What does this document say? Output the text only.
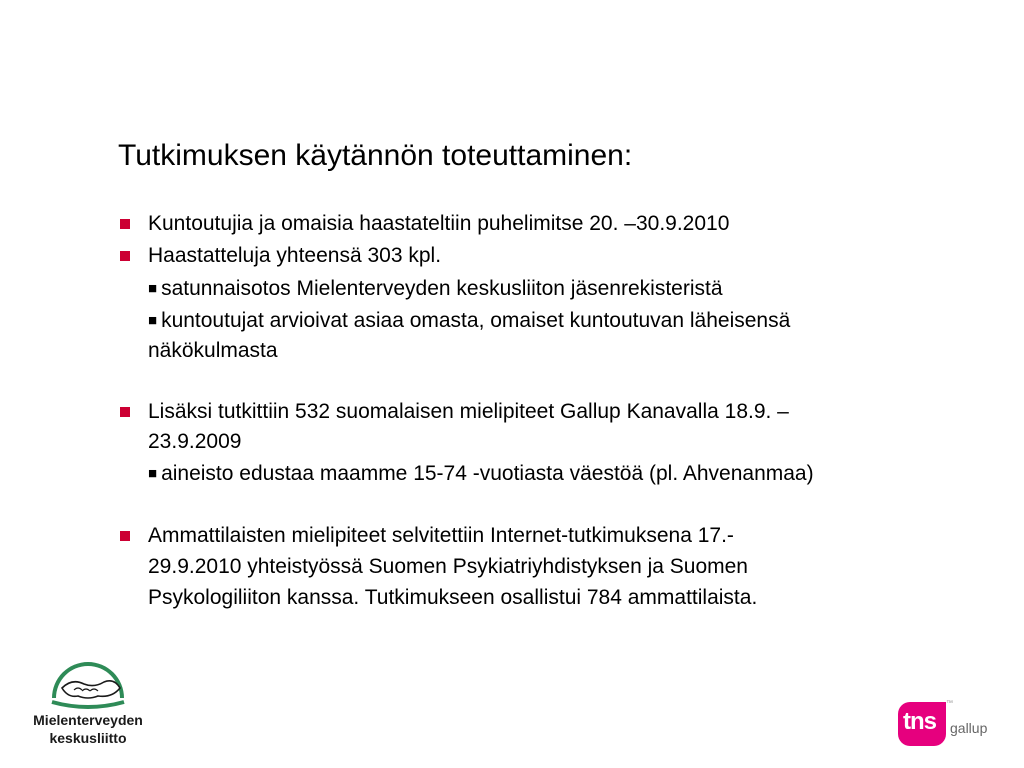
Tutkimuksen käytännön toteuttaminen:
Kuntoutujia ja omaisia haastateltiin puhelimitse 20. –30.9.2010
Haastatteluja yhteensä 303 kpl.
■ satunnaisotos Mielenterveyden keskusliiton jäsenrekisteristä
■ kuntoutujat arvioivat asiaa omasta, omaiset kuntoutuvan läheisensä
näkökulmasta
Lisäksi tutkittiin 532 suomalaisen mielipiteet Gallup Kanavalla 18.9. –
23.9.2009
■ aineisto edustaa maamme 15-74 -vuotiasta väestöä (pl. Ahvenanmaa)
Ammattilaisten mielipiteet selvitettiin Internet-tutkimuksena 17.-
29.9.2010 yhteistyössä Suomen Psykiatriyhdistyksen ja Suomen
Psykologiliiton kanssa. Tutkimukseen osallistui 784 ammattilaista.
Mielenterveyden
keskusliitto
tns
™
gallup
